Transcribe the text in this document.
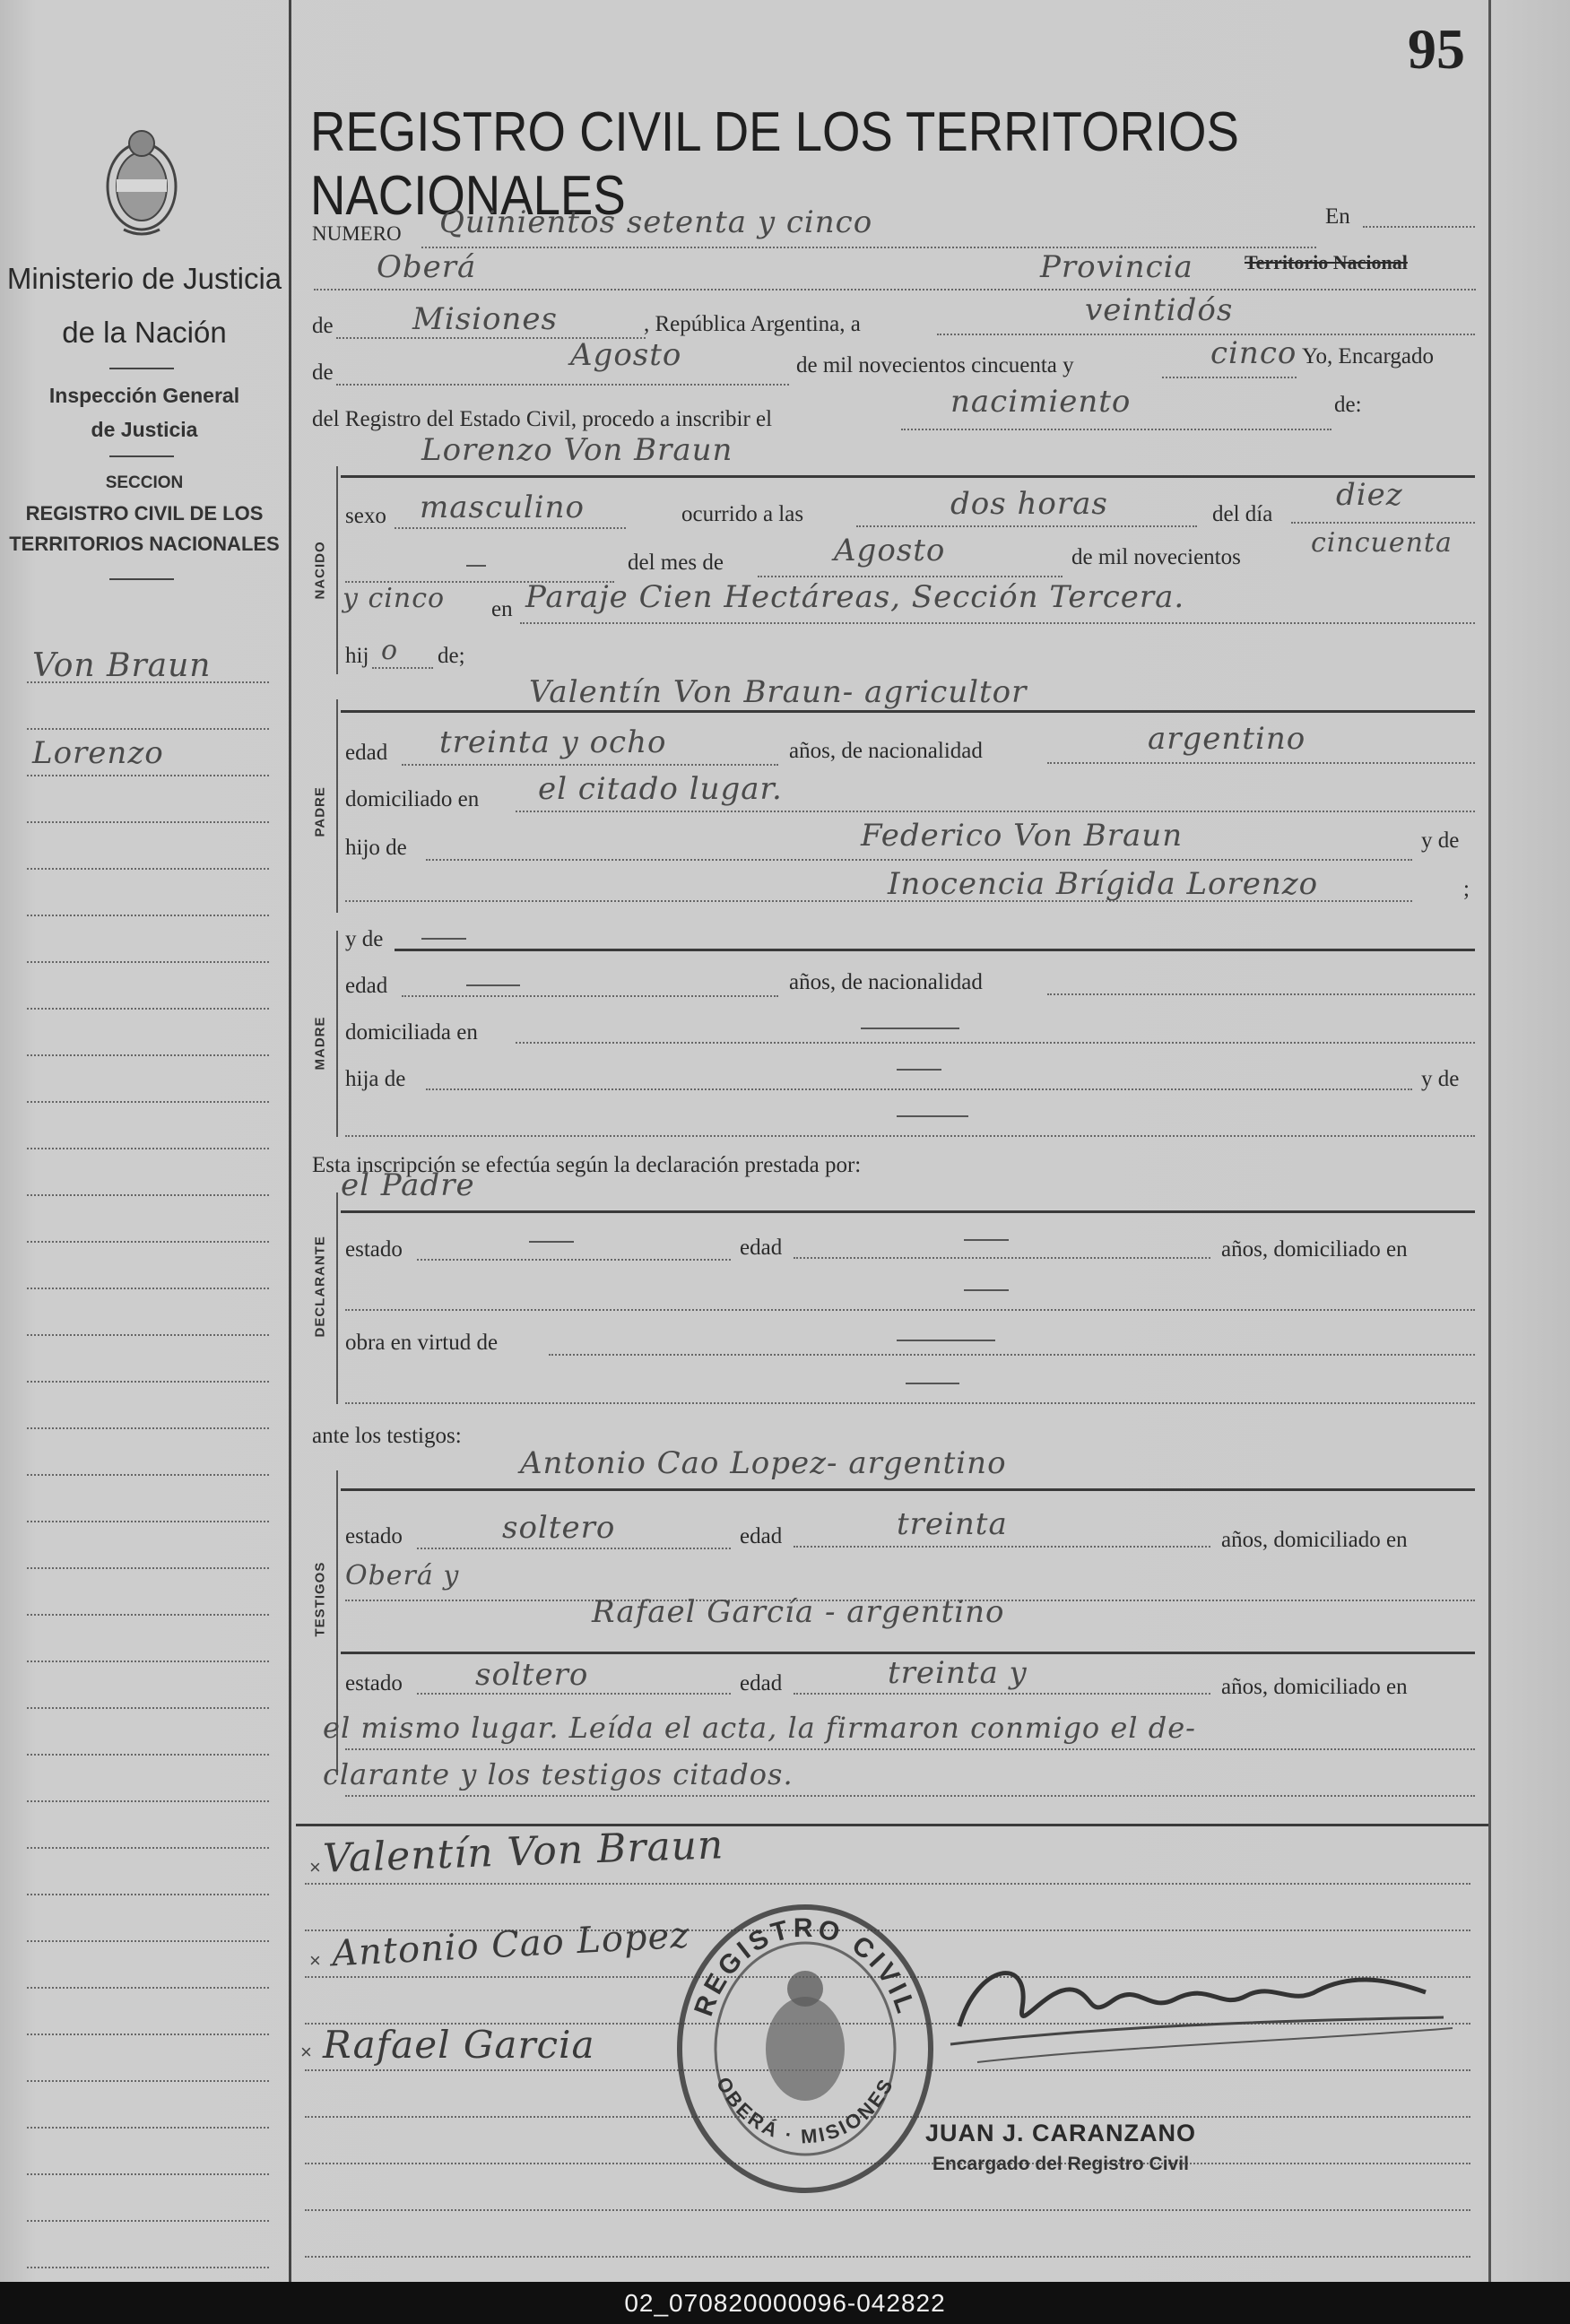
95
Ministerio de Justicia
de la Nación
Inspección General
de Justicia
SECCION
REGISTRO CIVIL DE LOS
TERRITORIOS NACIONALES
Von Braun
Lorenzo
REGISTRO CIVIL DE LOS TERRITORIOS NACIONALES
NUMERO Quinientos setenta y cinco	En
Oberá	Provincia	Territorio Nacional
de	Misiones	, República Argentina, a	veintidós
de	Agosto	de mil novecientos cincuenta y	cinco Yo, Encargado
del Registro del Estado Civil, procedo a inscribir el	nacimiento	de:
NACIDO
Lorenzo Von Braun
sexo masculino	ocurrido a las	dos horas	del día
diez
del mes de	Agosto	de mil novecientos	cincuenta
y cinco en Paraje Cien Hectáreas, Sección Tercera.
hij o de;
PADRE
Valentín Von Braun- agricultor
edad treinta y ocho	años, de nacionalidad	argentino
domiciliado en el citado lugar.
hijo de	Federico Von Braun	y de
Inocencia Brígida Lorenzo	;
MADRE
y de
edad	años, de nacionalidad
domiciliada en
hija de	y de
Esta inscripción se efectúa según la declaración prestada por:
DECLARANTE
el Padre
estado	edad	años, domiciliado en
obra en virtud de
ante los testigos:
TESTIGOS
Antonio Cao Lopez- argentino
estado	soltero	edad	treinta	años, domiciliado en
Oberá y
Rafael García - argentino
estado soltero	edad	treinta y	años, domiciliado en
el mismo lugar. Leída el acta, la firmaron conmigo el de-
clarante y los testigos citados.
Valentín Von Braun
Antonio Cao Lopez
Rafael Garcia
REGISTRO CIVIL
OBERÁ · MISIONES
JUAN J. CARANZANO
Encargado del Registro Civil
×
×
×
02_070820000096-042822
